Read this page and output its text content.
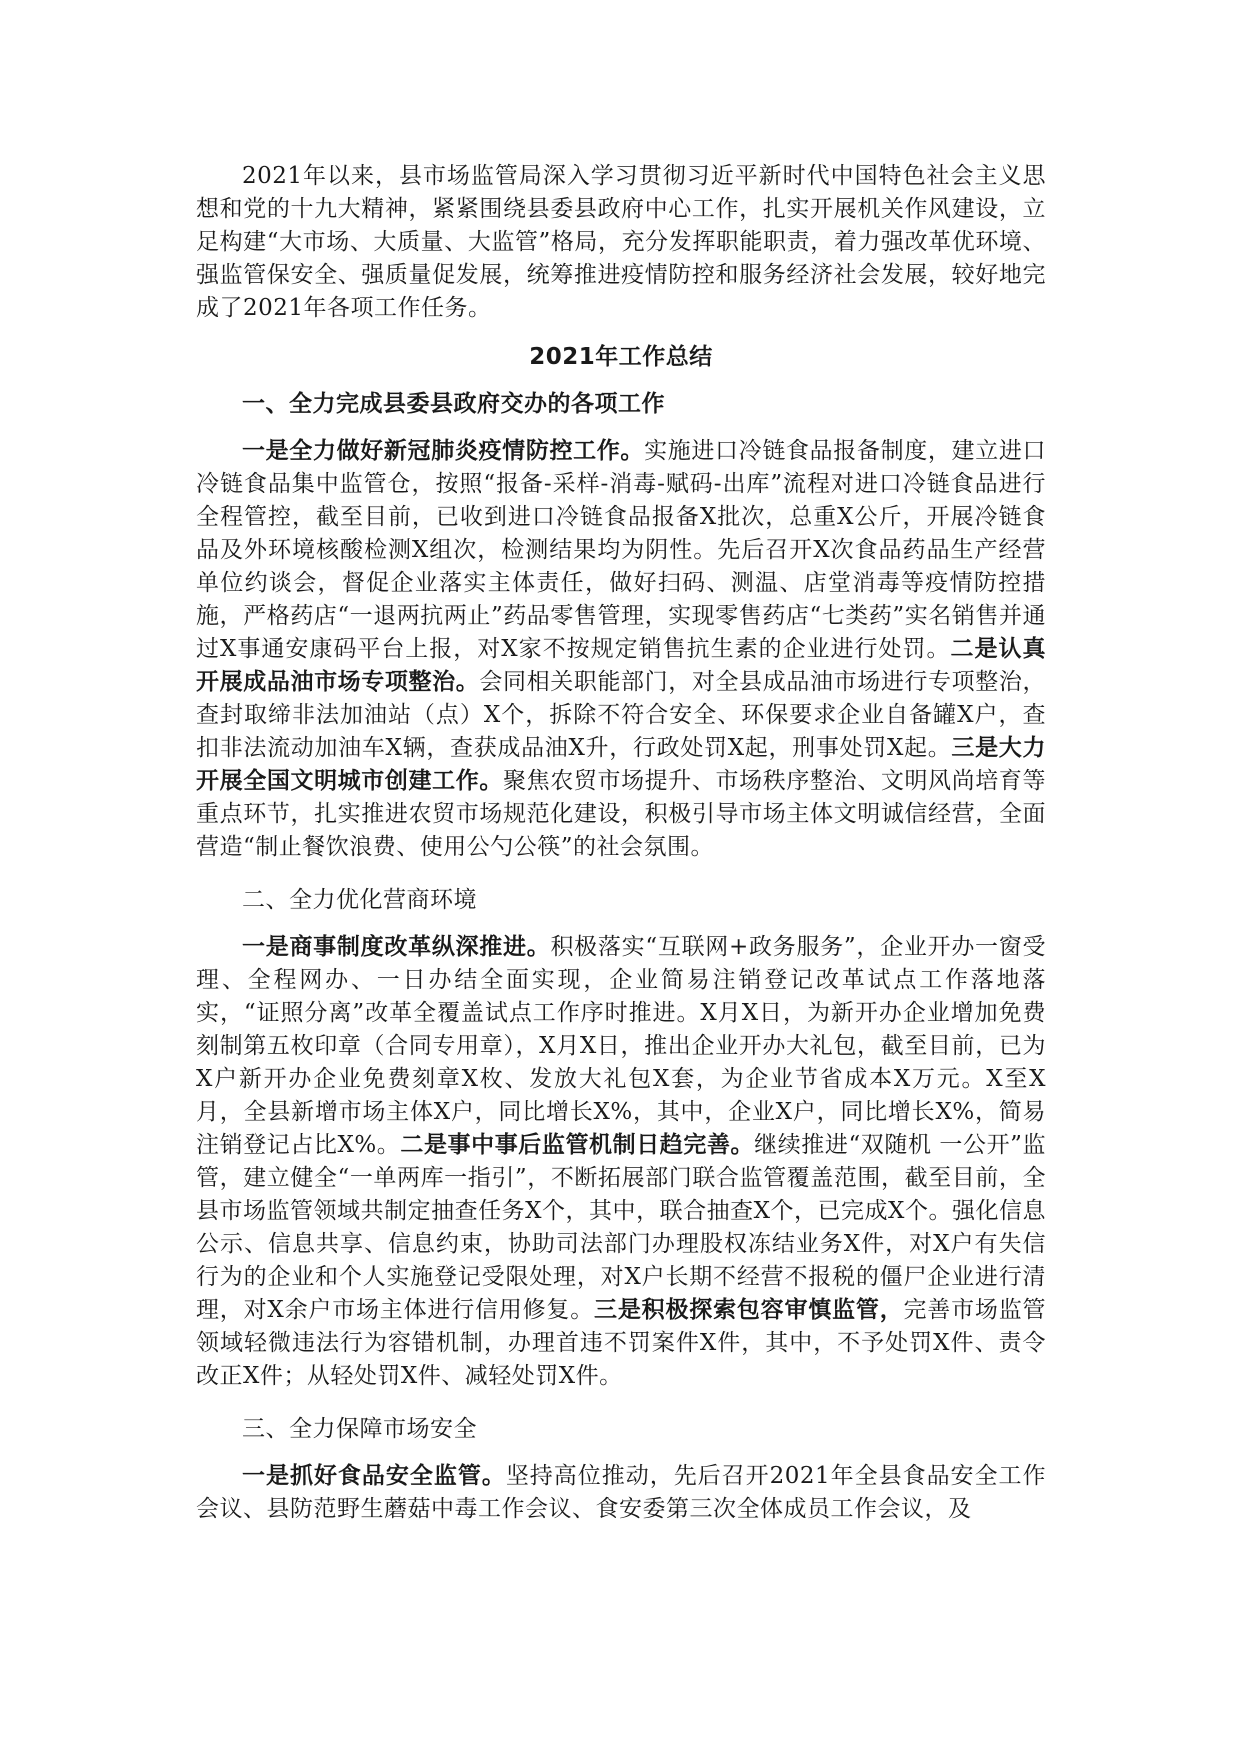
2021年以来，县市场监管局深入学习贯彻习近平新时代中国特色社会主义思想和党的十九大精神，紧紧围绕县委县政府中心工作，扎实开展机关作风建设，立足构建“大市场、大质量、大监管”格局，充分发挥职能职责，着力强改革优环境、强监管保安全、强质量促发展，统筹推进疫情防控和服务经济社会发展，较好地完成了2021年各项工作任务。

2021年工作总结
一、全力完成县委县政府交办的各项工作

一是全力做好新冠肺炎疫情防控工作。实施进口冷链食品报备制度，建立进口冷链食品集中监管仓，按照“报备-采样-消毒-赋码-出库”流程对进口冷链食品进行全程管控，截至目前，已收到进口冷链食品报备X批次，总重X公斤，开展冷链食品及外环境核酸检测X组次，检测结果均为阴性。先后召开X次食品药品生产经营单位约谈会，督促企业落实主体责任，做好扫码、测温、店堂消毒等疫情防控措施，严格药店“一退两抗两止”药品零售管理，实现零售药店“七类药”实名销售并通过X事通安康码平台上报，对X家不按规定销售抗生素的企业进行处罚。二是认真开展成品油市场专项整治。会同相关职能部门，对全县成品油市场进行专项整治，查封取缔非法加油站（点）X个，拆除不符合安全、环保要求企业自备罐X户，查扣非法流动加油车X辆，查获成品油X升，行政处罚X起，刑事处罚X起。三是大力开展全国文明城市创建工作。聚焦农贸市场提升、市场秩序整治、文明风尚培育等重点环节，扎实推进农贸市场规范化建设，积极引导市场主体文明诚信经营，全面营造“制止餐饮浪费、使用公勺公筷”的社会氛围。

二、全力优化营商环境

一是商事制度改革纵深推进。积极落实“互联网+政务服务”，企业开办一窗受理、全程网办、一日办结全面实现，企业简易注销登记改革试点工作落地落实，“证照分离”改革全覆盖试点工作序时推进。X月X日，为新开办企业增加免费刻制第五枚印章（合同专用章），X月X日，推出企业开办大礼包，截至目前，已为X户新开办企业免费刻章X枚、发放大礼包X套，为企业节省成本X万元。X至X月，全县新增市场主体X户，同比增长X%，其中，企业X户，同比增长X%，简易注销登记占比X%。二是事中事后监管机制日趋完善。继续推进“双随机 一公开”监管，建立健全“一单两库一指引”，不断拓展部门联合监管覆盖范围，截至目前，全县市场监管领域共制定抽查任务X个，其中，联合抽查X个，已完成X个。强化信息公示、信息共享、信息约束，协助司法部门办理股权冻结业务X件，对X户有失信行为的企业和个人实施登记受限处理，对X户长期不经营不报税的僵尸企业进行清理，对X余户市场主体进行信用修复。三是积极探索包容审慎监管，完善市场监管领域轻微违法行为容错机制，办理首违不罚案件X件，其中，不予处罚X件、责令改正X件；从轻处罚X件、减轻处罚X件。

三、全力保障市场安全

一是抓好食品安全监管。坚持高位推动，先后召开2021年全县食品安全工作会议、县防范野生蘑菇中毒工作会议、食安委第三次全体成员工作会议，及
